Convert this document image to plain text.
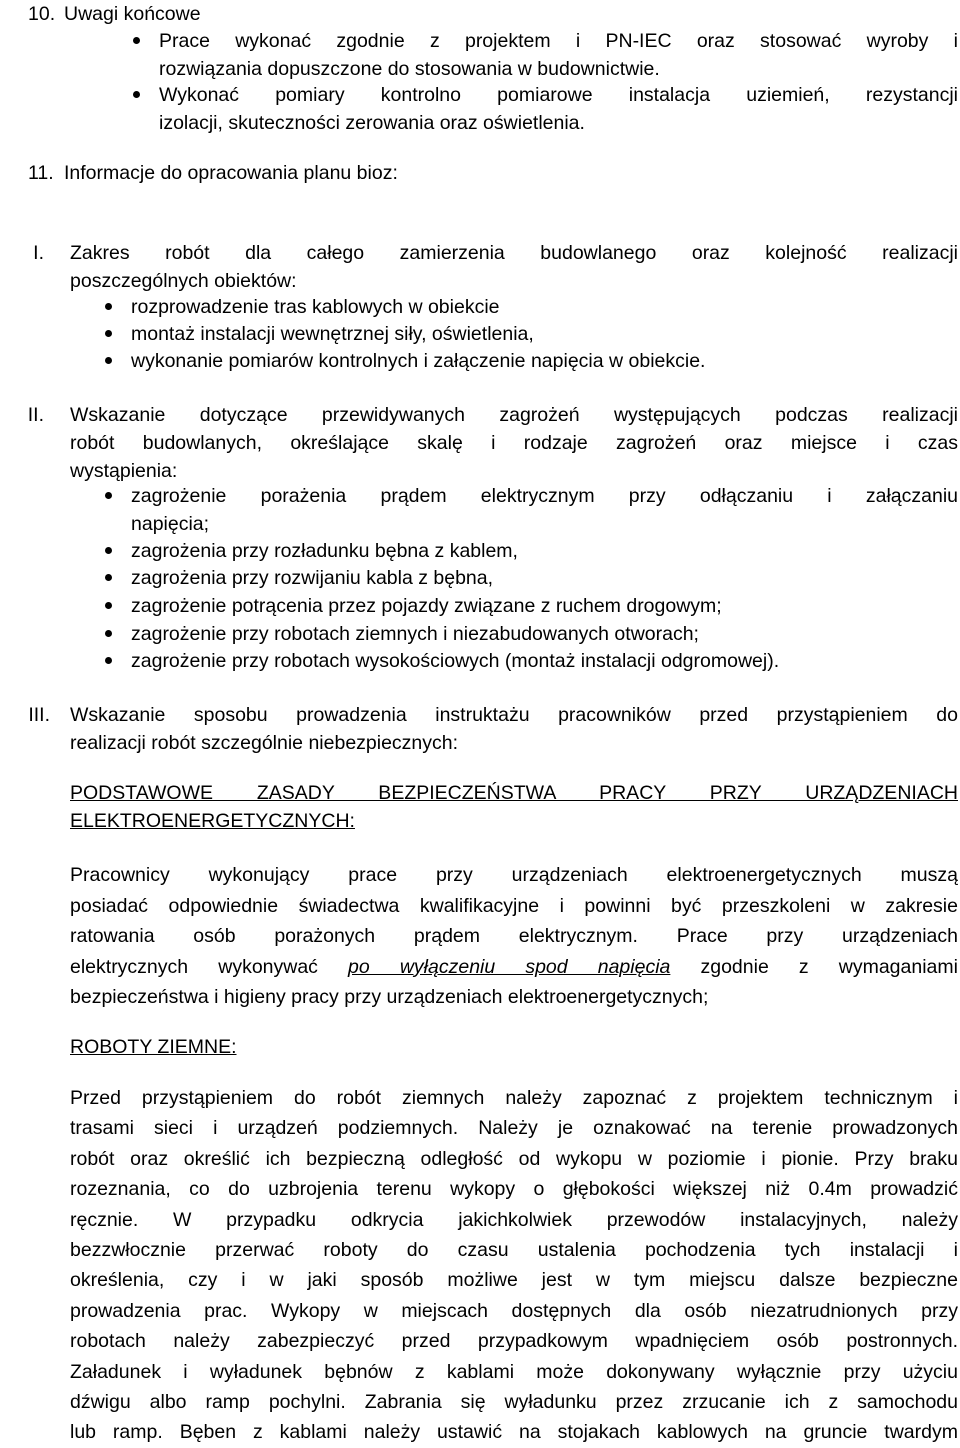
10. Uwagi końcowe
Prace wykonać zgodnie z projektem i PN-IEC oraz stosować wyroby i
rozwiązania dopuszczone do stosowania w budownictwie.
Wykonać pomiary kontrolno pomiarowe instalacja uziemień, rezystancji
izolacji, skuteczności zerowania oraz oświetlenia.
11. Informacje do opracowania planu bioz:
I. Zakres robót dla całego zamierzenia budowlanego oraz kolejność realizacji
poszczególnych obiektów:
rozprowadzenie tras kablowych w obiekcie
montaż instalacji wewnętrznej siły, oświetlenia,
wykonanie pomiarów kontrolnych i załączenie napięcia w obiekcie.
II. Wskazanie dotyczące przewidywanych zagrożeń występujących podczas realizacji
robót budowlanych, określające skalę i rodzaje zagrożeń oraz miejsce i czas
wystąpienia:
zagrożenie porażenia prądem elektrycznym przy odłączaniu i załączaniu
napięcia;
zagrożenia przy rozładunku bębna z kablem,
zagrożenia przy rozwijaniu kabla z bębna,
zagrożenie potrącenia przez pojazdy związane z ruchem drogowym;
zagrożenie przy robotach ziemnych i niezabudowanych otworach;
zagrożenie przy robotach wysokościowych (montaż instalacji odgromowej).
III. Wskazanie sposobu prowadzenia instruktażu pracowników przed przystąpieniem do
realizacji robót szczególnie niebezpiecznych:
PODSTAWOWE ZASADY BEZPIECZEŃSTWA PRACY PRZY URZĄDZENIACH
ELEKTROENERGETYCZNYCH:
Pracownicy wykonujący prace przy urządzeniach elektroenergetycznych muszą
posiadać odpowiednie świadectwa kwalifikacyjne i powinni być przeszkoleni w zakresie
ratowania osób porażonych prądem elektrycznym. Prace przy urządzeniach
elektrycznych wykonywać po wyłączeniu spod napięcia zgodnie z wymaganiami
bezpieczeństwa i higieny pracy przy urządzeniach elektroenergetycznych;
ROBOTY ZIEMNE:
Przed przystąpieniem do robót ziemnych należy zapoznać z projektem technicznym i
trasami sieci i urządzeń podziemnych. Należy je oznakować na terenie prowadzonych
robót oraz określić ich bezpieczną odległość od wykopu w poziomie i pionie. Przy braku
rozeznania, co do uzbrojenia terenu wykopy o głębokości większej niż 0.4m prowadzić
ręcznie. W przypadku odkrycia jakichkolwiek przewodów instalacyjnych, należy
bezzwłocznie przerwać roboty do czasu ustalenia pochodzenia tych instalacji i
określenia, czy i w jaki sposób możliwe jest w tym miejscu dalsze bezpieczne
prowadzenia prac. Wykopy w miejscach dostępnych dla osób niezatrudnionych przy
robotach należy zabezpieczyć przed przypadkowym wpadnięciem osób postronnych.
Załadunek i wyładunek bębnów z kablami może dokonywany wyłącznie przy użyciu
dźwigu albo ramp pochylni. Zabrania się wyładunku przez zrzucanie ich z samochodu
lub ramp. Bęben z kablami należy ustawić na stojakach kablowych na gruncie twardym
